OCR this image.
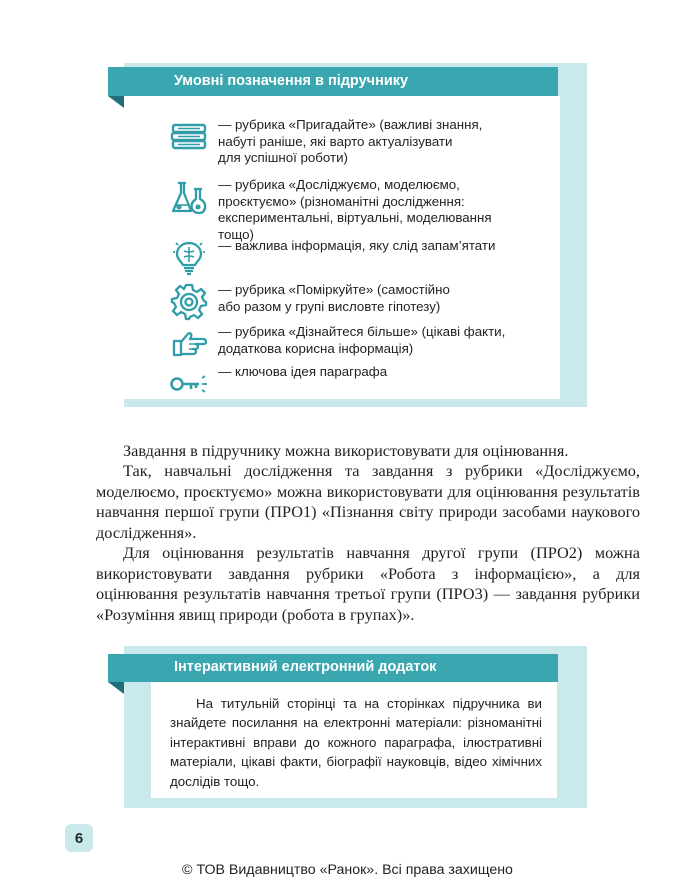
Умовні позначення в підручнику
— рубрика «Пригадайте» (важливі знання,
набуті раніше, які варто актуалізувати
для успішної роботи)
— рубрика «Досліджуємо, моделюємо,
проєктуємо» (різноманітні дослідження:
експериментальні, віртуальні, моделювання
тощо)
— важлива інформація, яку слід запам’ятати
— рубрика «Поміркуйте» (самостійно
або разом у групі висловте гіпотезу)
— рубрика «Дізнайтеся більше» (цікаві факти,
додаткова корисна інформація)
— ключова ідея параграфа
Завдання в підручнику можна використовувати для оцінювання.
Так, навчальні дослідження та завдання з рубрики «Досліджуємо, моделюємо, проєктуємо» можна використовувати для оцінювання результатів навчання першої групи (ПРО1) «Пізнання світу природи засобами наукового дослідження».
Для оцінювання результатів навчання другої групи (ПРО2) можна використовувати завдання рубрики «Робота з інформацією», а для оцінювання результатів навчання третьої групи (ПРО3) — завдання рубрики «Розуміння явищ природи (робота в групах)».
Інтерактивний електронний додаток
На титульній сторінці та на сторінках підручника ви знайдете посилання на електронні матеріали: різноманітні інтерактивні вправи до кожного параграфа, ілюстративні матеріали, цікаві факти, біографії науковців, відео хімічних дослідів тощо.
6
© ТОВ Видавництво «Ранок». Всі права захищено
